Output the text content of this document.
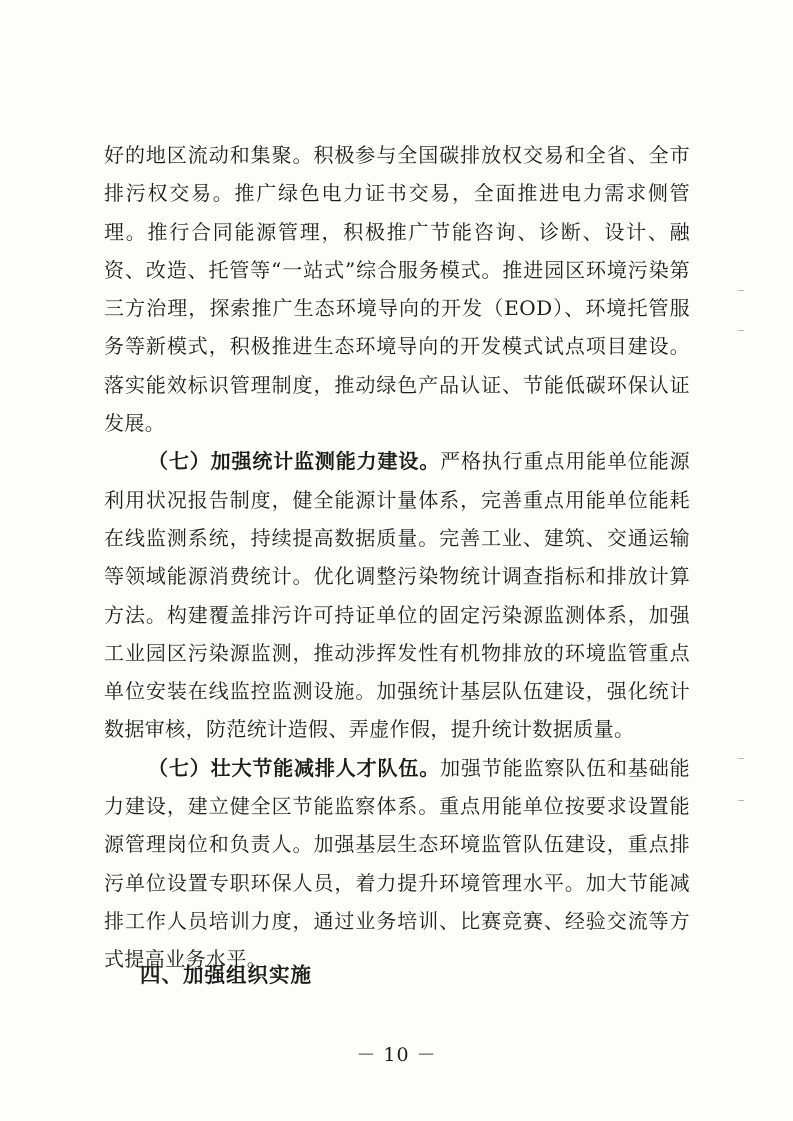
好的地区流动和集聚。积极参与全国碳排放权交易和全省、全市排污权交易。推广绿色电力证书交易，全面推进电力需求侧管理。推行合同能源管理，积极推广节能咨询、诊断、设计、融资、改造、托管等“一站式”综合服务模式。推进园区环境污染第三方治理，探索推广生态环境导向的开发（EOD）、环境托管服务等新模式，积极推进生态环境导向的开发模式试点项目建设。落实能效标识管理制度，推动绿色产品认证、节能低碳环保认证发展。

（七）加强统计监测能力建设。严格执行重点用能单位能源利用状况报告制度，健全能源计量体系，完善重点用能单位能耗在线监测系统，持续提高数据质量。完善工业、建筑、交通运输等领域能源消费统计。优化调整污染物统计调查指标和排放计算方法。构建覆盖排污许可持证单位的固定污染源监测体系，加强工业园区污染源监测，推动涉挥发性有机物排放的环境监管重点单位安装在线监控监测设施。加强统计基层队伍建设，强化统计数据审核，防范统计造假、弄虚作假，提升统计数据质量。

（七）壮大节能减排人才队伍。加强节能监察队伍和基础能力建设，建立健全区节能监察体系。重点用能单位按要求设置能源管理岗位和负责人。加强基层生态环境监管队伍建设，重点排污单位设置专职环保人员，着力提升环境管理水平。加大节能减排工作人员培训力度，通过业务培训、比赛竞赛、经验交流等方式提高业务水平。

四、加强组织实施
－ 10 －
